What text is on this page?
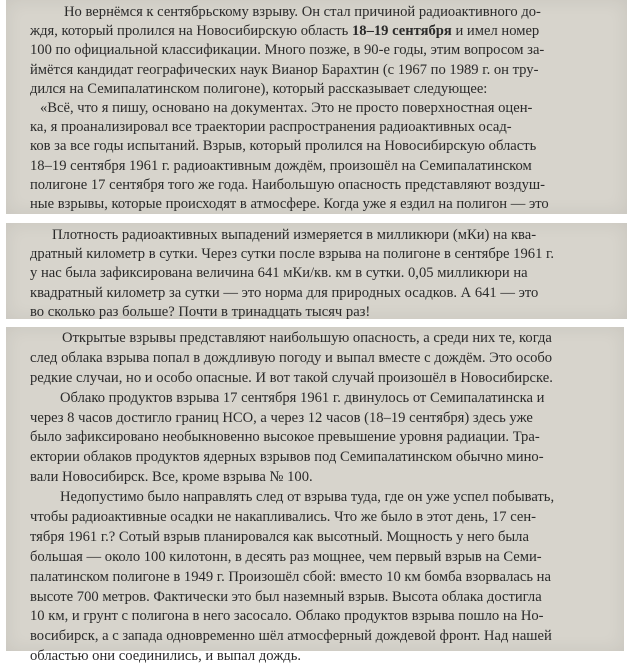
Но вернёмся к сентябрьскому взрыву. Он стал причиной радиоактивного до-
ждя, который пролился на Новосибирскую область 18–19 сентября и имел номер
100 по официальной классификации. Много позже, в 90-е годы, этим вопросом за-
ймётся кандидат географических наук Вианор Барахтин (с 1967 по 1989 г. он тру-
дился на Семипалатинском полигоне), который рассказывает следующее:
«Всё, что я пишу, основано на документах. Это не просто поверхностная оцен-
ка, я проанализировал все траектории распространения радиоактивных осад-
ков за все годы испытаний. Взрыв, который пролился на Новосибирскую область
18–19 сентября 1961 г. радиоактивным дождём, произошёл на Семипалатинском
полигоне 17 сентября того же года. Наибольшую опасность представляют воздуш-
ные взрывы, которые происходят в атмосфере. Когда уже я ездил на полигон — это
Плотность радиоактивных выпадений измеряется в милликюри (мКи) на ква-
дратный километр в сутки. Через сутки после взрыва на полигоне в сентябре 1961 г.
у нас была зафиксирована величина 641 мКи/кв. км в сутки. 0,05 милликюри на
квадратный километр за сутки — это норма для природных осадков. А 641 — это
во сколько раз больше? Почти в тринадцать тысяч раз!
Открытые взрывы представляют наибольшую опасность, а среди них те, когда
след облака взрыва попал в дождливую погоду и выпал вместе с дождём. Это особо
редкие случаи, но и особо опасные. И вот такой случай произошёл в Новосибирске.
Облако продуктов взрыва 17 сентября 1961 г. двинулось от Семипалатинска и
через 8 часов достигло границ НСО, а через 12 часов (18–19 сентября) здесь уже
было зафиксировано необыкновенно высокое превышение уровня радиации. Тра-
ектории облаков продуктов ядерных взрывов под Семипалатинском обычно мино-
вали Новосибирск. Все, кроме взрыва № 100.
Недопустимо было направлять след от взрыва туда, где он уже успел побывать,
чтобы радиоактивные осадки не накапливались. Что же было в этот день, 17 сен-
тября 1961 г.? Сотый взрыв планировался как высотный. Мощность у него была
большая — около 100 килотонн, в десять раз мощнее, чем первый взрыв на Семи-
палатинском полигоне в 1949 г. Произошёл сбой: вместо 10 км бомба взорвалась на
высоте 700 метров. Фактически это был наземный взрыв. Высота облака достигла
10 км, и грунт с полигона в него засосало. Облако продуктов взрыва пошло на Но-
восибирск, а с запада одновременно шёл атмосферный дождевой фронт. Над нашей
областью они соединились, и выпал дождь.
